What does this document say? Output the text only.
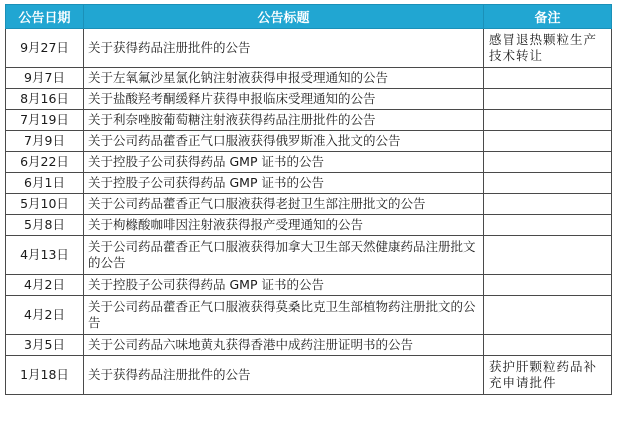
公告日期	公告标题	备注
9月27日	关于获得药品注册批件的公告	感冒退热颗粒生产技术转让
9月7日	关于左氧氟沙星氯化钠注射液获得申报受理通知的公告	
8月16日	关于盐酸羟考酮缓释片获得申报临床受理通知的公告	
7月19日	关于利奈唑胺葡萄糖注射液获得药品注册批件的公告	
7月9日	关于公司药品藿香正气口服液获得俄罗斯准入批文的公告	
6月22日	关于控股子公司获得药品 GMP 证书的公告	
6月1日	关于控股子公司获得药品 GMP 证书的公告	
5月10日	关于公司药品藿香正气口服液获得老挝卫生部注册批文的公告	
5月8日	关于枸橼酸咖啡因注射液获得报产受理通知的公告	
4月13日	关于公司药品藿香正气口服液获得加拿大卫生部天然健康药品注册批文的公告	
4月2日	关于控股子公司获得药品 GMP 证书的公告	
4月2日	关于公司药品藿香正气口服液获得莫桑比克卫生部植物药注册批文的公告	
3月5日	关于公司药品六味地黄丸获得香港中成药注册证明书的公告	
1月18日	关于获得药品注册批件的公告	获护肝颗粒药品补充申请批件
